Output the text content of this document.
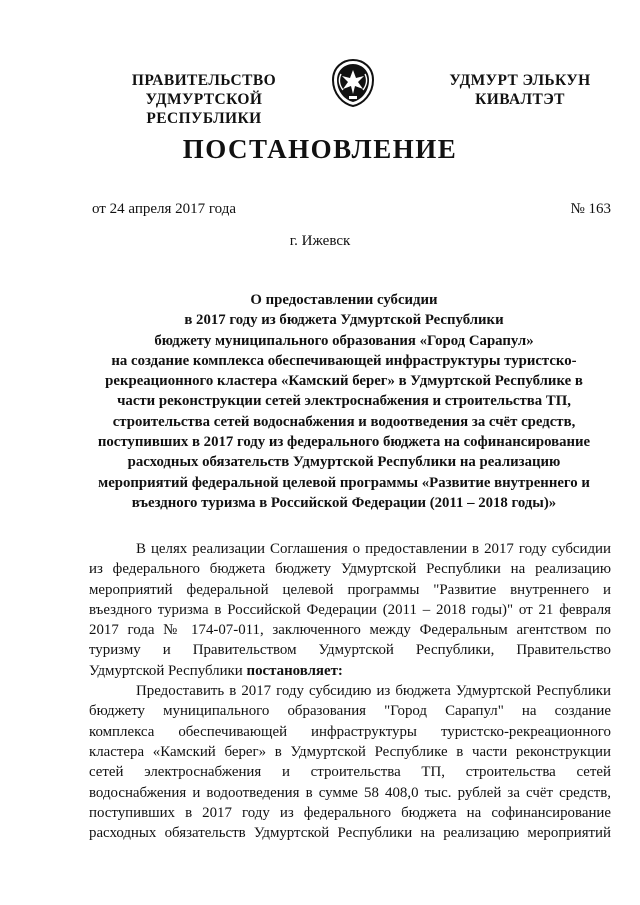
ПРАВИТЕЛЬСТВО
УДМУРТСКОЙ РЕСПУБЛИКИ
УДМУРТ ЭЛЬКУН
КИВАЛТЭТ
ПОСТАНОВЛЕНИЕ
от 24 апреля 2017 года	№ 163
г. Ижевск
О предоставлении субсидии
в 2017 году из бюджета Удмуртской Республики
бюджету муниципального образования «Город Сарапул»
на создание комплекса обеспечивающей инфраструктуры туристско-
рекреационного кластера «Камский берег» в Удмуртской Республике в
части реконструкции сетей электроснабжения и строительства ТП,
строительства сетей водоснабжения и водоотведения за счёт средств,
поступивших в 2017 году из федерального бюджета на софинансирование
расходных обязательств Удмуртской Республики на реализацию
мероприятий федеральной целевой программы «Развитие внутреннего и
въездного туризма в Российской Федерации (2011 – 2018 годы)»
В целях реализации Соглашения о предоставлении в 2017 году субсидии
из федерального бюджета бюджету Удмуртской Республики на реализацию
мероприятий федеральной целевой программы "Развитие внутреннего и
въездного туризма в Российской Федерации (2011 – 2018 годы)" от 21 февраля
2017 года № 174-07-011, заключенного между Федеральным агентством по
туризму и Правительством Удмуртской Республики, Правительство
Удмуртской Республики постановляет:
Предоставить в 2017 году субсидию из бюджета Удмуртской Республики
бюджету муниципального образования "Город Сарапул" на создание
комплекса обеспечивающей инфраструктуры туристско-рекреационного
кластера «Камский берег» в Удмуртской Республике в части реконструкции
сетей электроснабжения и строительства ТП, строительства сетей
водоснабжения и водоотведения в сумме 58 408,0 тыс. рублей за счёт средств,
поступивших в 2017 году из федерального бюджета на софинансирование
расходных обязательств Удмуртской Республики на реализацию мероприятий
